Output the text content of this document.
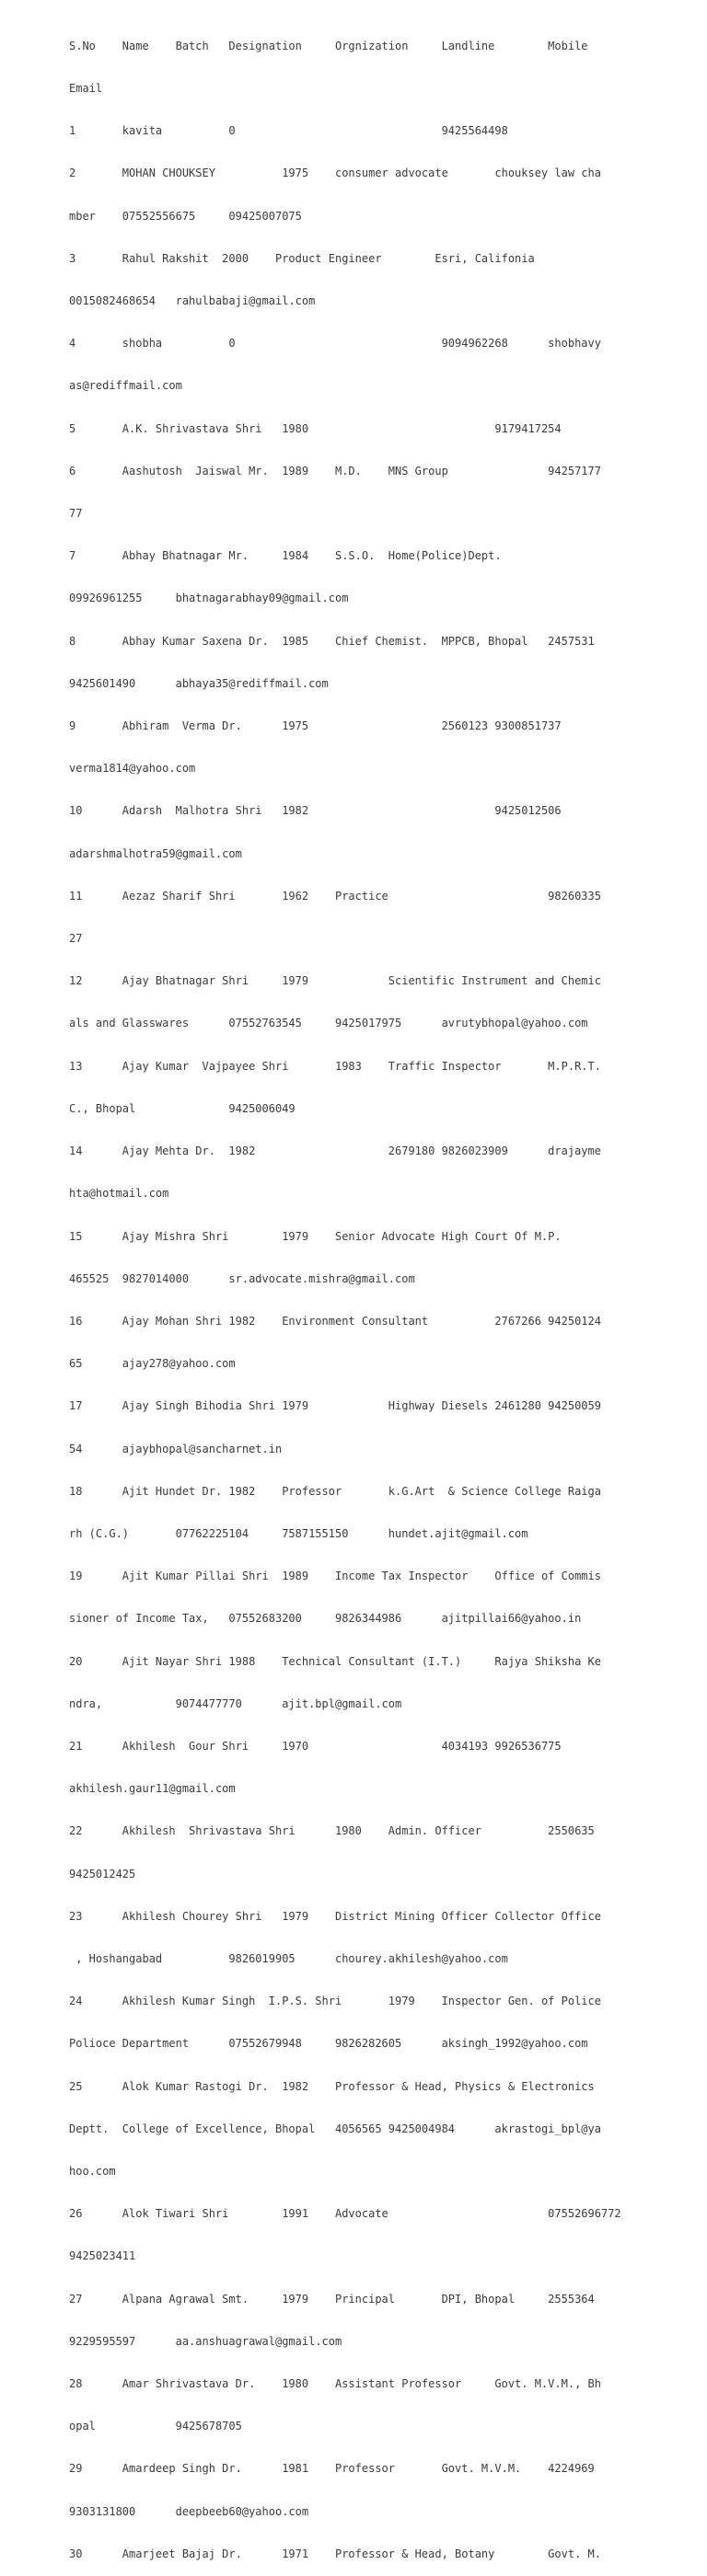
S.No    Name    Batch   Designation     Orgnization     Landline        Mobile

Email

1       kavita          0                               9425564498

2       MOHAN CHOUKSEY          1975    consumer advocate       chouksey law cha

mber    07552556675     09425007075

3       Rahul Rakshit  2000    Product Engineer        Esri, Califonia

0015082468654   rahulbabaji@gmail.com

4       shobha          0                               9094962268      shobhavy

as@rediffmail.com

5       A.K. Shrivastava Shri   1980                            9179417254

6       Aashutosh  Jaiswal Mr.  1989    M.D.    MNS Group               94257177

77

7       Abhay Bhatnagar Mr.     1984    S.S.O.  Home(Police)Dept.

09926961255     bhatnagarabhay09@gmail.com

8       Abhay Kumar Saxena Dr.  1985    Chief Chemist.  MPPCB, Bhopal   2457531

9425601490      abhaya35@rediffmail.com

9       Abhiram  Verma Dr.      1975                    2560123 9300851737

verma1814@yahoo.com

10      Adarsh  Malhotra Shri   1982                            9425012506

adarshmalhotra59@gmail.com

11      Aezaz Sharif Shri       1962    Practice                        98260335

27

12      Ajay Bhatnagar Shri     1979            Scientific Instrument and Chemic

als and Glasswares      07552763545     9425017975      avrutybhopal@yahoo.com

13      Ajay Kumar  Vajpayee Shri       1983    Traffic Inspector       M.P.R.T.

C., Bhopal              9425006049

14      Ajay Mehta Dr.  1982                    2679180 9826023909      drajayme

hta@hotmail.com

15      Ajay Mishra Shri        1979    Senior Advocate High Court Of M.P.

465525  9827014000      sr.advocate.mishra@gmail.com

16      Ajay Mohan Shri 1982    Environment Consultant          2767266 94250124

65      ajay278@yahoo.com

17      Ajay Singh Bihodia Shri 1979            Highway Diesels 2461280 94250059

54      ajaybhopal@sancharnet.in

18      Ajit Hundet Dr. 1982    Professor       k.G.Art  & Science College Raiga

rh (C.G.)       07762225104     7587155150      hundet.ajit@gmail.com

19      Ajit Kumar Pillai Shri  1989    Income Tax Inspector    Office of Commis

sioner of Income Tax,   07552683200     9826344986      ajitpillai66@yahoo.in

20      Ajit Nayar Shri 1988    Technical Consultant (I.T.)     Rajya Shiksha Ke

ndra,           9074477770      ajit.bpl@gmail.com

21      Akhilesh  Gour Shri     1970                    4034193 9926536775

akhilesh.gaur11@gmail.com

22      Akhilesh  Shrivastava Shri      1980    Admin. Officer          2550635

9425012425

23      Akhilesh Chourey Shri   1979    District Mining Officer Collector Office

, Hoshangabad          9826019905      chourey.akhilesh@yahoo.com

24      Akhilesh Kumar Singh  I.P.S. Shri       1979    Inspector Gen. of Police

Polioce Department      07552679948     9826282605      aksingh_1992@yahoo.com

25      Alok Kumar Rastogi Dr.  1982    Professor & Head, Physics & Electronics

Deptt.  College of Excellence, Bhopal   4056565 9425004984      akrastogi_bpl@ya

hoo.com

26      Alok Tiwari Shri        1991    Advocate                        07552696772

9425023411

27      Alpana Agrawal Smt.     1979    Principal       DPI, Bhopal     2555364

9229595597      aa.anshuagrawal@gmail.com

28      Amar Shrivastava Dr.    1980    Assistant Professor     Govt. M.V.M., Bh

opal            9425678705

29      Amardeep Singh Dr.      1981    Professor       Govt. M.V.M.    4224969

9303131800      deepbeeb60@yahoo.com

30      Amarjeet Bajaj Dr.      1971    Professor & Head, Botany        Govt. M.
